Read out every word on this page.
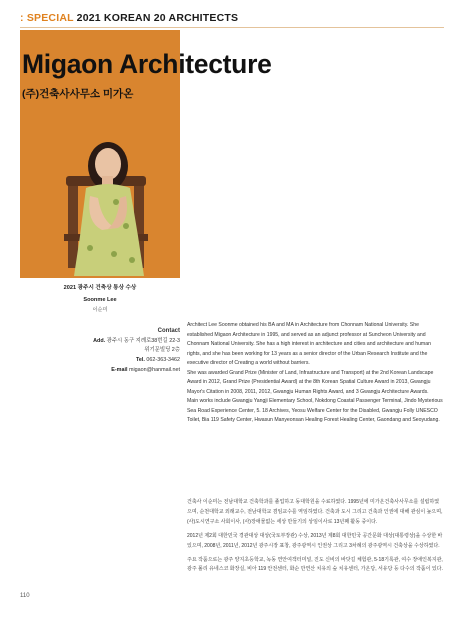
: SPECIAL 2021 KOREAN 20 ARCHITECTS
Migaon Architecture
(주)건축사사무소 미가온
2021 광주시 건축상 통상 수상
Soonme Lee
이순미
Contact
Add. 광주시 동구 지례로38번길 22-3
위기문빌딩 2층
Tel. 062-363-3462
E-mail migaon@hanmail.net

Architect Lee Soonme obtained his BA and MA in Architecture from Chonnam National University. She established Migaon Architecture in 1995, and served as an adjunct professor at Suncheon University and Chonnam National University. She has a high interest in architecture and cities and architecture and human rights, and she has been working for 13 years as a senior director of the Urban Research Institute and the executive director of Creating a world without barriers.

She was awarded Grand Prize (Minister of Land, Infrastructure and Transport) at the 2nd Korean Landscape Award in 2012, Grand Prize (Presidential Award) at the 8th Korean Spatial Culture Award in 2013, Gwangju Mayor's Citation in 2008, 2011, 2012, Gwangju Human Rights Award, and 3 Gwangju Architecture Awards.

Main works include Gwangju Yangji Elementary School, Nokdong Coastal Passenger Terminal, Jindo Mysterious Sea Road Experience Center, 5. 18 Archives, Yeosu Welfare Center for the Disabled, Gwangju Folly UNESCO Toilet, Bia 119 Safety Center, Hwasun Manyeonsan Healing Forest Healing Center, Gaondang and Seoyudang.

건축사 이순미는 전남대학교 건축학과를 졸업하고 동대학원을 수료하였다. 1995년에 미가온건축사사무소를 설립하였으며, 순천대학교 외래교수, 전남대학교 겸임교수를 역임하였다. 건축과 도시 그리고 건축과 인권에 대해 관심이 높으며, (사)도시연구소 사회이사, (사)장애물없는 세상 만들기의 상임이사로 13년째 활동 중이다.

2012년 제2회 대한민국 경관대상 대상(국토부장관) 수상, 2013년 제8회 대한민국 공간문화 대상(대통령상)을 수상한 바 있으며, 2008년, 2011년, 2012년 광주시장 표창, 광주광역시 인권상 그리고 3차례의 광주광역시 건축상을 수상하였다.

주요 작품으로는 광주 양지초등학교, 녹동 연안여객터미널, 진도 신비의 바닷길 체험관, 5·18기록관, 여수 장애인복지관, 광주 폴리 유네스코 화장실, 비아 119 안전센터, 화순 만연산 치유의 숲 치유센터, 가온당, 서유당 등 다수의 작품이 있다.

110
